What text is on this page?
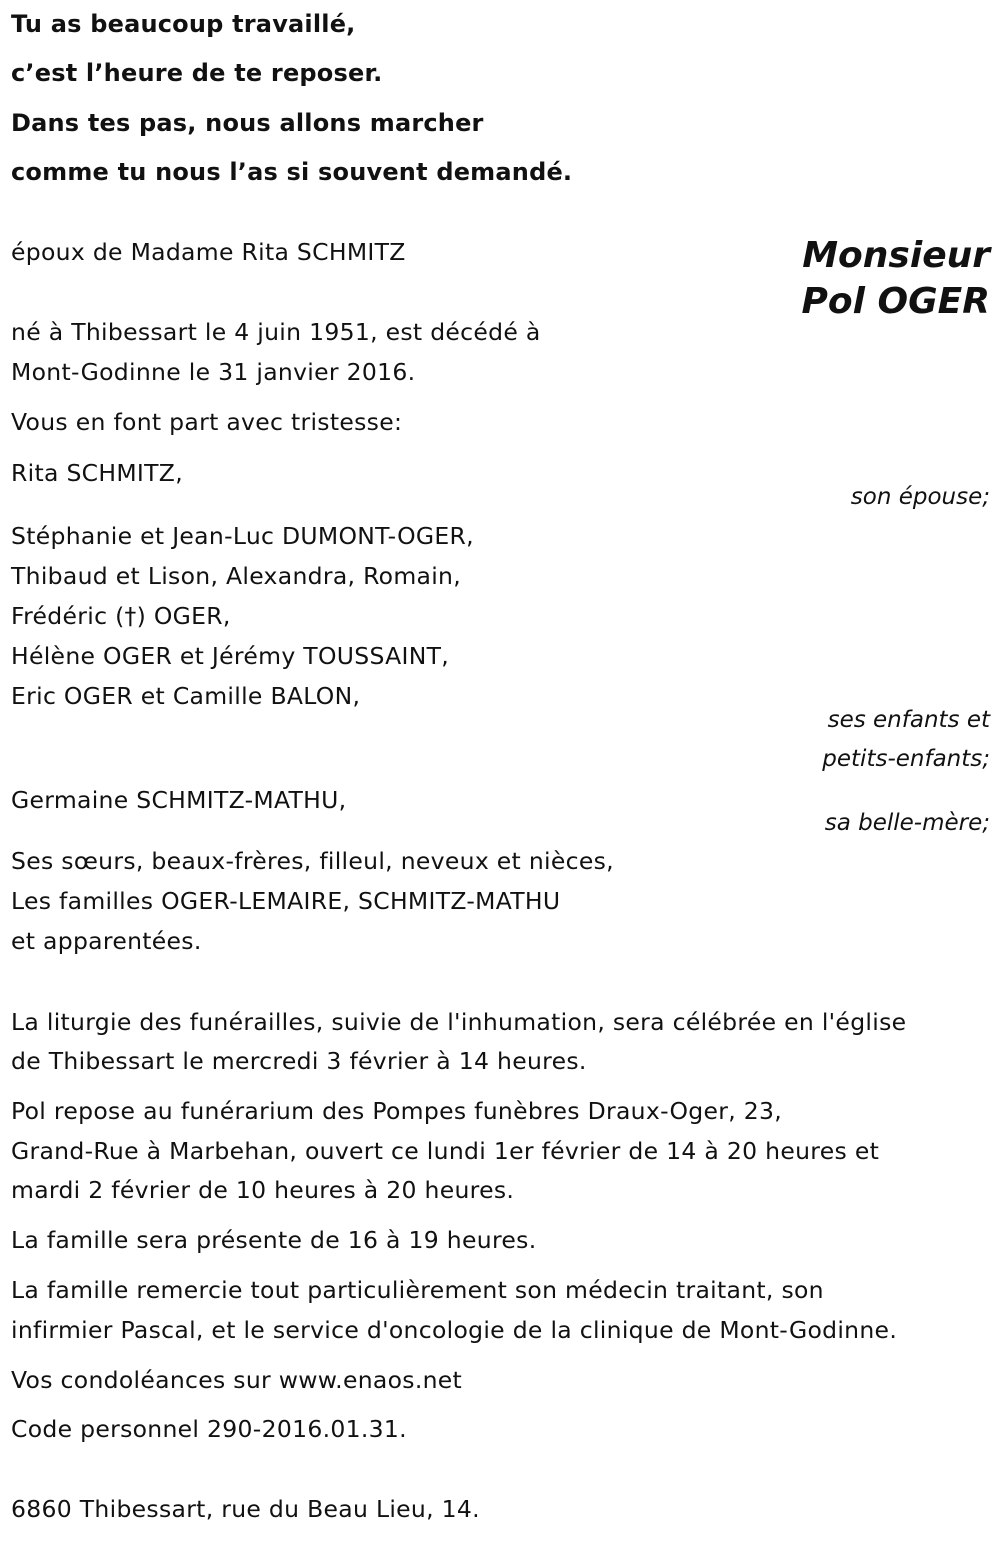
Tu as beaucoup travaillé,

c’est l’heure de te reposer.

Dans tes pas, nous allons marcher

comme tu nous l’as si souvent demandé.

Monsieur
Pol OGER

époux de Madame Rita SCHMITZ

né à Thibessart le 4 juin 1951, est décédé à

Mont-Godinne le 31 janvier 2016.

Vous en font part avec tristesse:

Rita SCHMITZ,

son épouse;

Stéphanie et Jean-Luc DUMONT-OGER,

Thibaud et Lison, Alexandra, Romain,

Frédéric (†) OGER,

Hélène OGER et Jérémy TOUSSAINT,

Eric OGER et Camille BALON,

ses enfants et

petits-enfants;

Germaine SCHMITZ-MATHU,

sa belle-mère;

Ses sœurs, beaux-frères, filleul, neveux et nièces,

Les familles OGER-LEMAIRE, SCHMITZ-MATHU

et apparentées.

La liturgie des funérailles, suivie de l'inhumation, sera célébrée en l'église

de Thibessart le mercredi 3 février à 14 heures.

Pol repose au funérarium des Pompes funèbres Draux-Oger, 23,

Grand-Rue à Marbehan, ouvert ce lundi 1er février de 14 à 20 heures et

mardi 2 février de 10 heures à 20 heures.

La famille sera présente de 16 à 19 heures.

La famille remercie tout particulièrement son médecin traitant, son

infirmier Pascal, et le service d'oncologie de la clinique de Mont-Godinne.

Vos condoléances sur www.enaos.net

Code personnel 290-2016.01.31.

6860 Thibessart, rue du Beau Lieu, 14.
